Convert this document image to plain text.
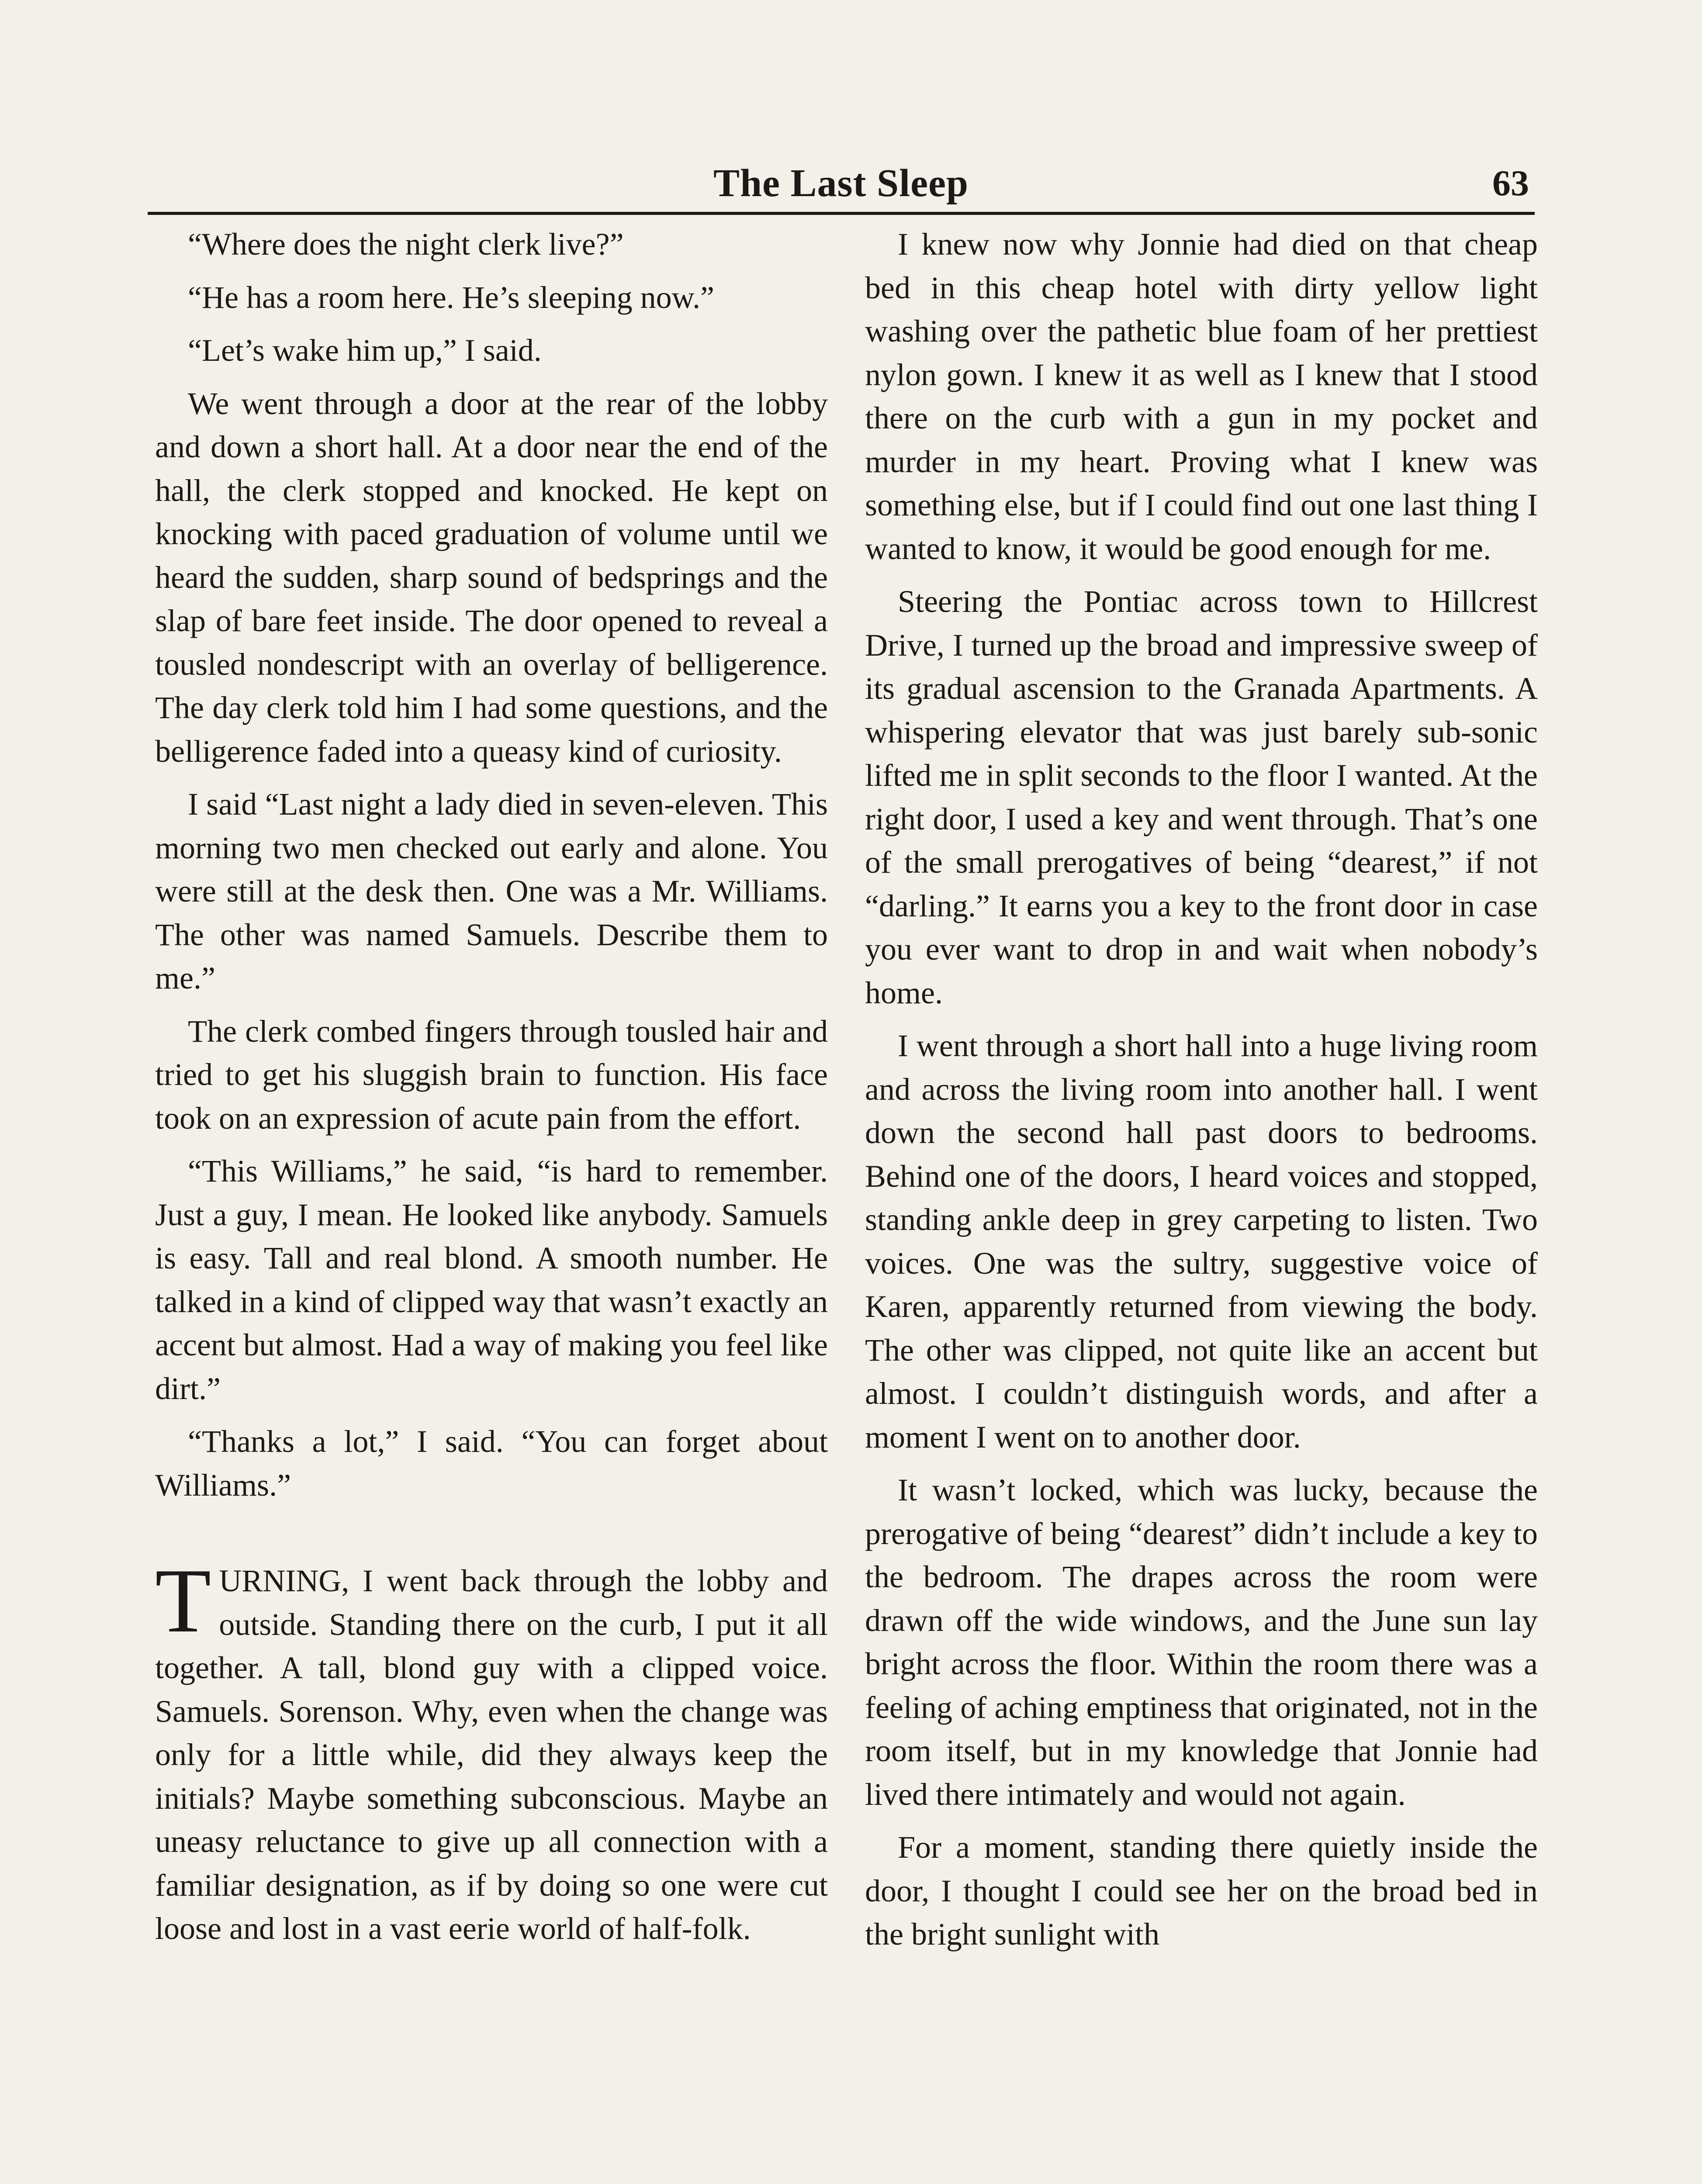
The Last Sleep	63

“Where does the night clerk live?”

“He has a room here. He’s sleeping now.”

“Let’s wake him up,” I said.

We went through a door at the rear of the lobby and down a short hall. At a door near the end of the hall, the clerk stopped and knocked. He kept on knocking with paced graduation of volume until we heard the sudden, sharp sound of bedsprings and the slap of bare feet inside. The door opened to reveal a tousled nondescript with an overlay of belligerence. The day clerk told him I had some questions, and the belligerence faded into a queasy kind of curiosity.

I said “Last night a lady died in seven-eleven. This morning two men checked out early and alone. You were still at the desk then. One was a Mr. Williams. The other was named Samuels. Describe them to me.”

The clerk combed fingers through tousled hair and tried to get his sluggish brain to function. His face took on an expression of acute pain from the effort.

“This Williams,” he said, “is hard to remember. Just a guy, I mean. He looked like anybody. Samuels is easy. Tall and real blond. A smooth number. He talked in a kind of clipped way that wasn’t exactly an accent but almost. Had a way of making you feel like dirt.”

“Thanks a lot,” I said. “You can forget about Williams.”

TURNING, I went back through the lobby and outside. Standing there on the curb, I put it all together. A tall, blond guy with a clipped voice. Samuels. Sorenson. Why, even when the change was only for a little while, did they always keep the initials? Maybe something subconscious. Maybe an uneasy reluctance to give up all connection with a familiar designation, as if by doing so one were cut loose and lost in a vast eerie world of half-folk.

I knew now why Jonnie had died on that cheap bed in this cheap hotel with dirty yellow light washing over the pathetic blue foam of her prettiest nylon gown. I knew it as well as I knew that I stood there on the curb with a gun in my pocket and murder in my heart. Proving what I knew was something else, but if I could find out one last thing I wanted to know, it would be good enough for me.

Steering the Pontiac across town to Hillcrest Drive, I turned up the broad and impressive sweep of its gradual ascension to the Granada Apartments. A whispering elevator that was just barely sub-sonic lifted me in split seconds to the floor I wanted. At the right door, I used a key and went through. That’s one of the small prerogatives of being “dearest,” if not “darling.” It earns you a key to the front door in case you ever want to drop in and wait when nobody’s home.

I went through a short hall into a huge living room and across the living room into another hall. I went down the second hall past doors to bedrooms. Behind one of the doors, I heard voices and stopped, standing ankle deep in grey carpeting to listen. Two voices. One was the sultry, suggestive voice of Karen, apparently returned from viewing the body. The other was clipped, not quite like an accent but almost. I couldn’t distinguish words, and after a moment I went on to another door.

It wasn’t locked, which was lucky, because the prerogative of being “dearest” didn’t include a key to the bedroom. The drapes across the room were drawn off the wide windows, and the June sun lay bright across the floor. Within the room there was a feeling of aching emptiness that originated, not in the room itself, but in my knowledge that Jonnie had lived there intimately and would not again.

For a moment, standing there quietly inside the door, I thought I could see her on the broad bed in the bright sunlight with
